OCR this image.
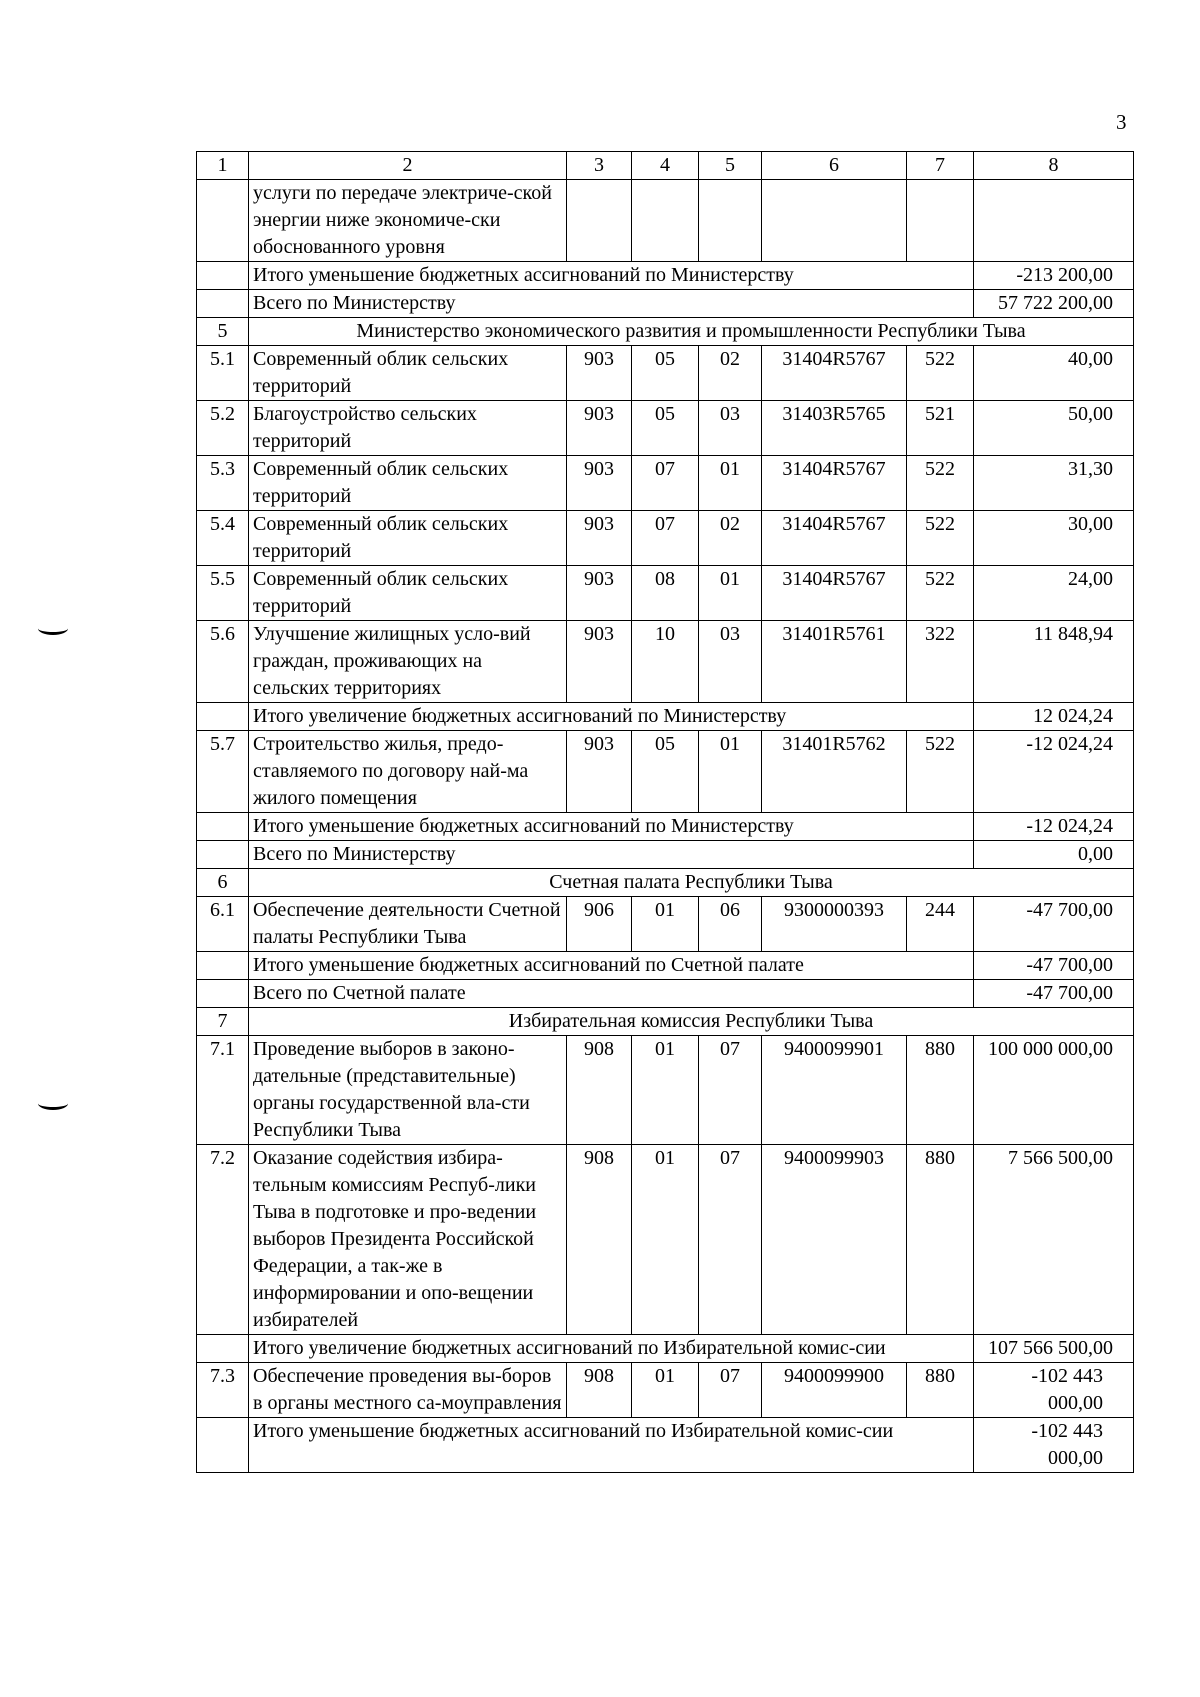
3
1	2	3	4	5	6	7	8
	услуги по передаче электриче-ской энергии ниже экономиче-ски обоснованного уровня						
	Итого уменьшение бюджетных ассигнований по Министерству						-213 200,00
	Всего по Министерству						57 722 200,00
5	Министерство экономического развития и промышленности Республики Тыва						
5.1	Современный облик сельских территорий	903	05	02	31404R5767	522	40,00
5.2	Благоустройство сельских территорий	903	05	03	31403R5765	521	50,00
5.3	Современный облик сельских территорий	903	07	01	31404R5767	522	31,30
5.4	Современный облик сельских территорий	903	07	02	31404R5767	522	30,00
5.5	Современный облик сельских территорий	903	08	01	31404R5767	522	24,00
5.6	Улучшение жилищных усло-вий граждан, проживающих на сельских территориях	903	10	03	31401R5761	322	11 848,94
	Итого увеличение бюджетных ассигнований по Министерству						12 024,24
5.7	Строительство жилья, предо-ставляемого по договору най-ма жилого помещения	903	05	01	31401R5762	522	-12 024,24
	Итого уменьшение бюджетных ассигнований по Министерству						-12 024,24
	Всего по Министерству						0,00
6	Счетная палата Республики Тыва						
6.1	Обеспечение деятельности Счетной палаты Республики Тыва	906	01	06	9300000393	244	-47 700,00
	Итого уменьшение бюджетных ассигнований по Счетной палате						-47 700,00
	Всего по Счетной палате						-47 700,00
7	Избирательная комиссия Республики Тыва						
7.1	Проведение выборов в законо-дательные (представительные) органы государственной вла-сти Республики Тыва	908	01	07	9400099901	880	100 000 000,00
7.2	Оказание содействия избира-тельным комиссиям Респуб-лики Тыва в подготовке и про-ведении выборов Президента Российской Федерации, а так-же в информировании и опо-вещении избирателей	908	01	07	9400099903	880	7 566 500,00
	Итого увеличение бюджетных ассигнований по Избирательной комис-сии						107 566 500,00
7.3	Обеспечение проведения вы-боров в органы местного са-моуправления	908	01	07	9400099900	880	-102 443 000,00
	Итого уменьшение бюджетных ассигнований по Избирательной комис-сии						-102 443 000,00
